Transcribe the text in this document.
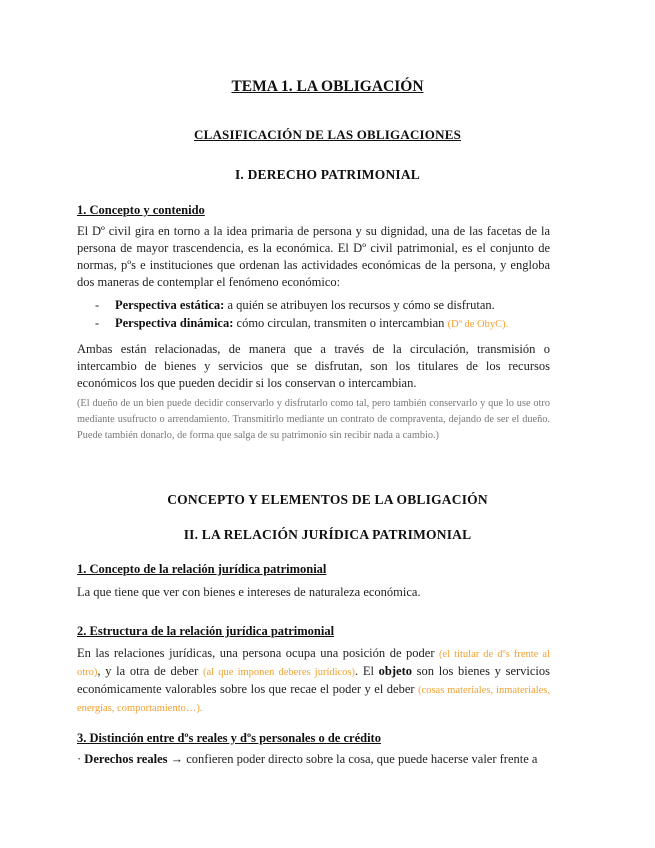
TEMA 1. LA OBLIGACIÓN
CLASIFICACIÓN DE LAS OBLIGACIONES
I. DERECHO PATRIMONIAL
1. Concepto y contenido
El Dº civil gira en torno a la idea primaria de persona y su dignidad, una de las facetas de la persona de mayor trascendencia, es la económica. El Dº civil patrimonial, es el conjunto de normas, pºs e instituciones que ordenan las actividades económicas de la persona, y engloba dos maneras de contemplar el fenómeno económico:
- Perspectiva estática: a quién se atribuyen los recursos y cómo se disfrutan.
- Perspectiva dinámica: cómo circulan, transmiten o intercambian (Dº de ObyC).
Ambas están relacionadas, de manera que a través de la circulación, transmisión o intercambio de bienes y servicios que se disfrutan, son los titulares de los recursos económicos los que pueden decidir si los conservan o intercambian.
(El dueño de un bien puede decidir conservarlo y disfrutarlo como tal, pero también conservarlo y que lo use otro mediante usufructo o arrendamiento. Transmitirlo mediante un contrato de compraventa, dejando de ser el dueño. Puede también donarlo, de forma que salga de su patrimonio sin recibir nada a cambio.)
CONCEPTO Y ELEMENTOS DE LA OBLIGACIÓN
II. LA RELACIÓN JURÍDICA PATRIMONIAL
1. Concepto de la relación jurídica patrimonial
La que tiene que ver con bienes e intereses de naturaleza económica.
2. Estructura de la relación jurídica patrimonial
En las relaciones jurídicas, una persona ocupa una posición de poder (el titular de dºs frente al otro), y la otra de deber (al que imponen deberes jurídicos). El objeto son los bienes y servicios económicamente valorables sobre los que recae el poder y el deber (cosas materiales, inmateriales, energías, comportamiento…).
3. Distinción entre dºs reales y dºs personales o de crédito
· Derechos reales → confieren poder directo sobre la cosa, que puede hacerse valer frente a
